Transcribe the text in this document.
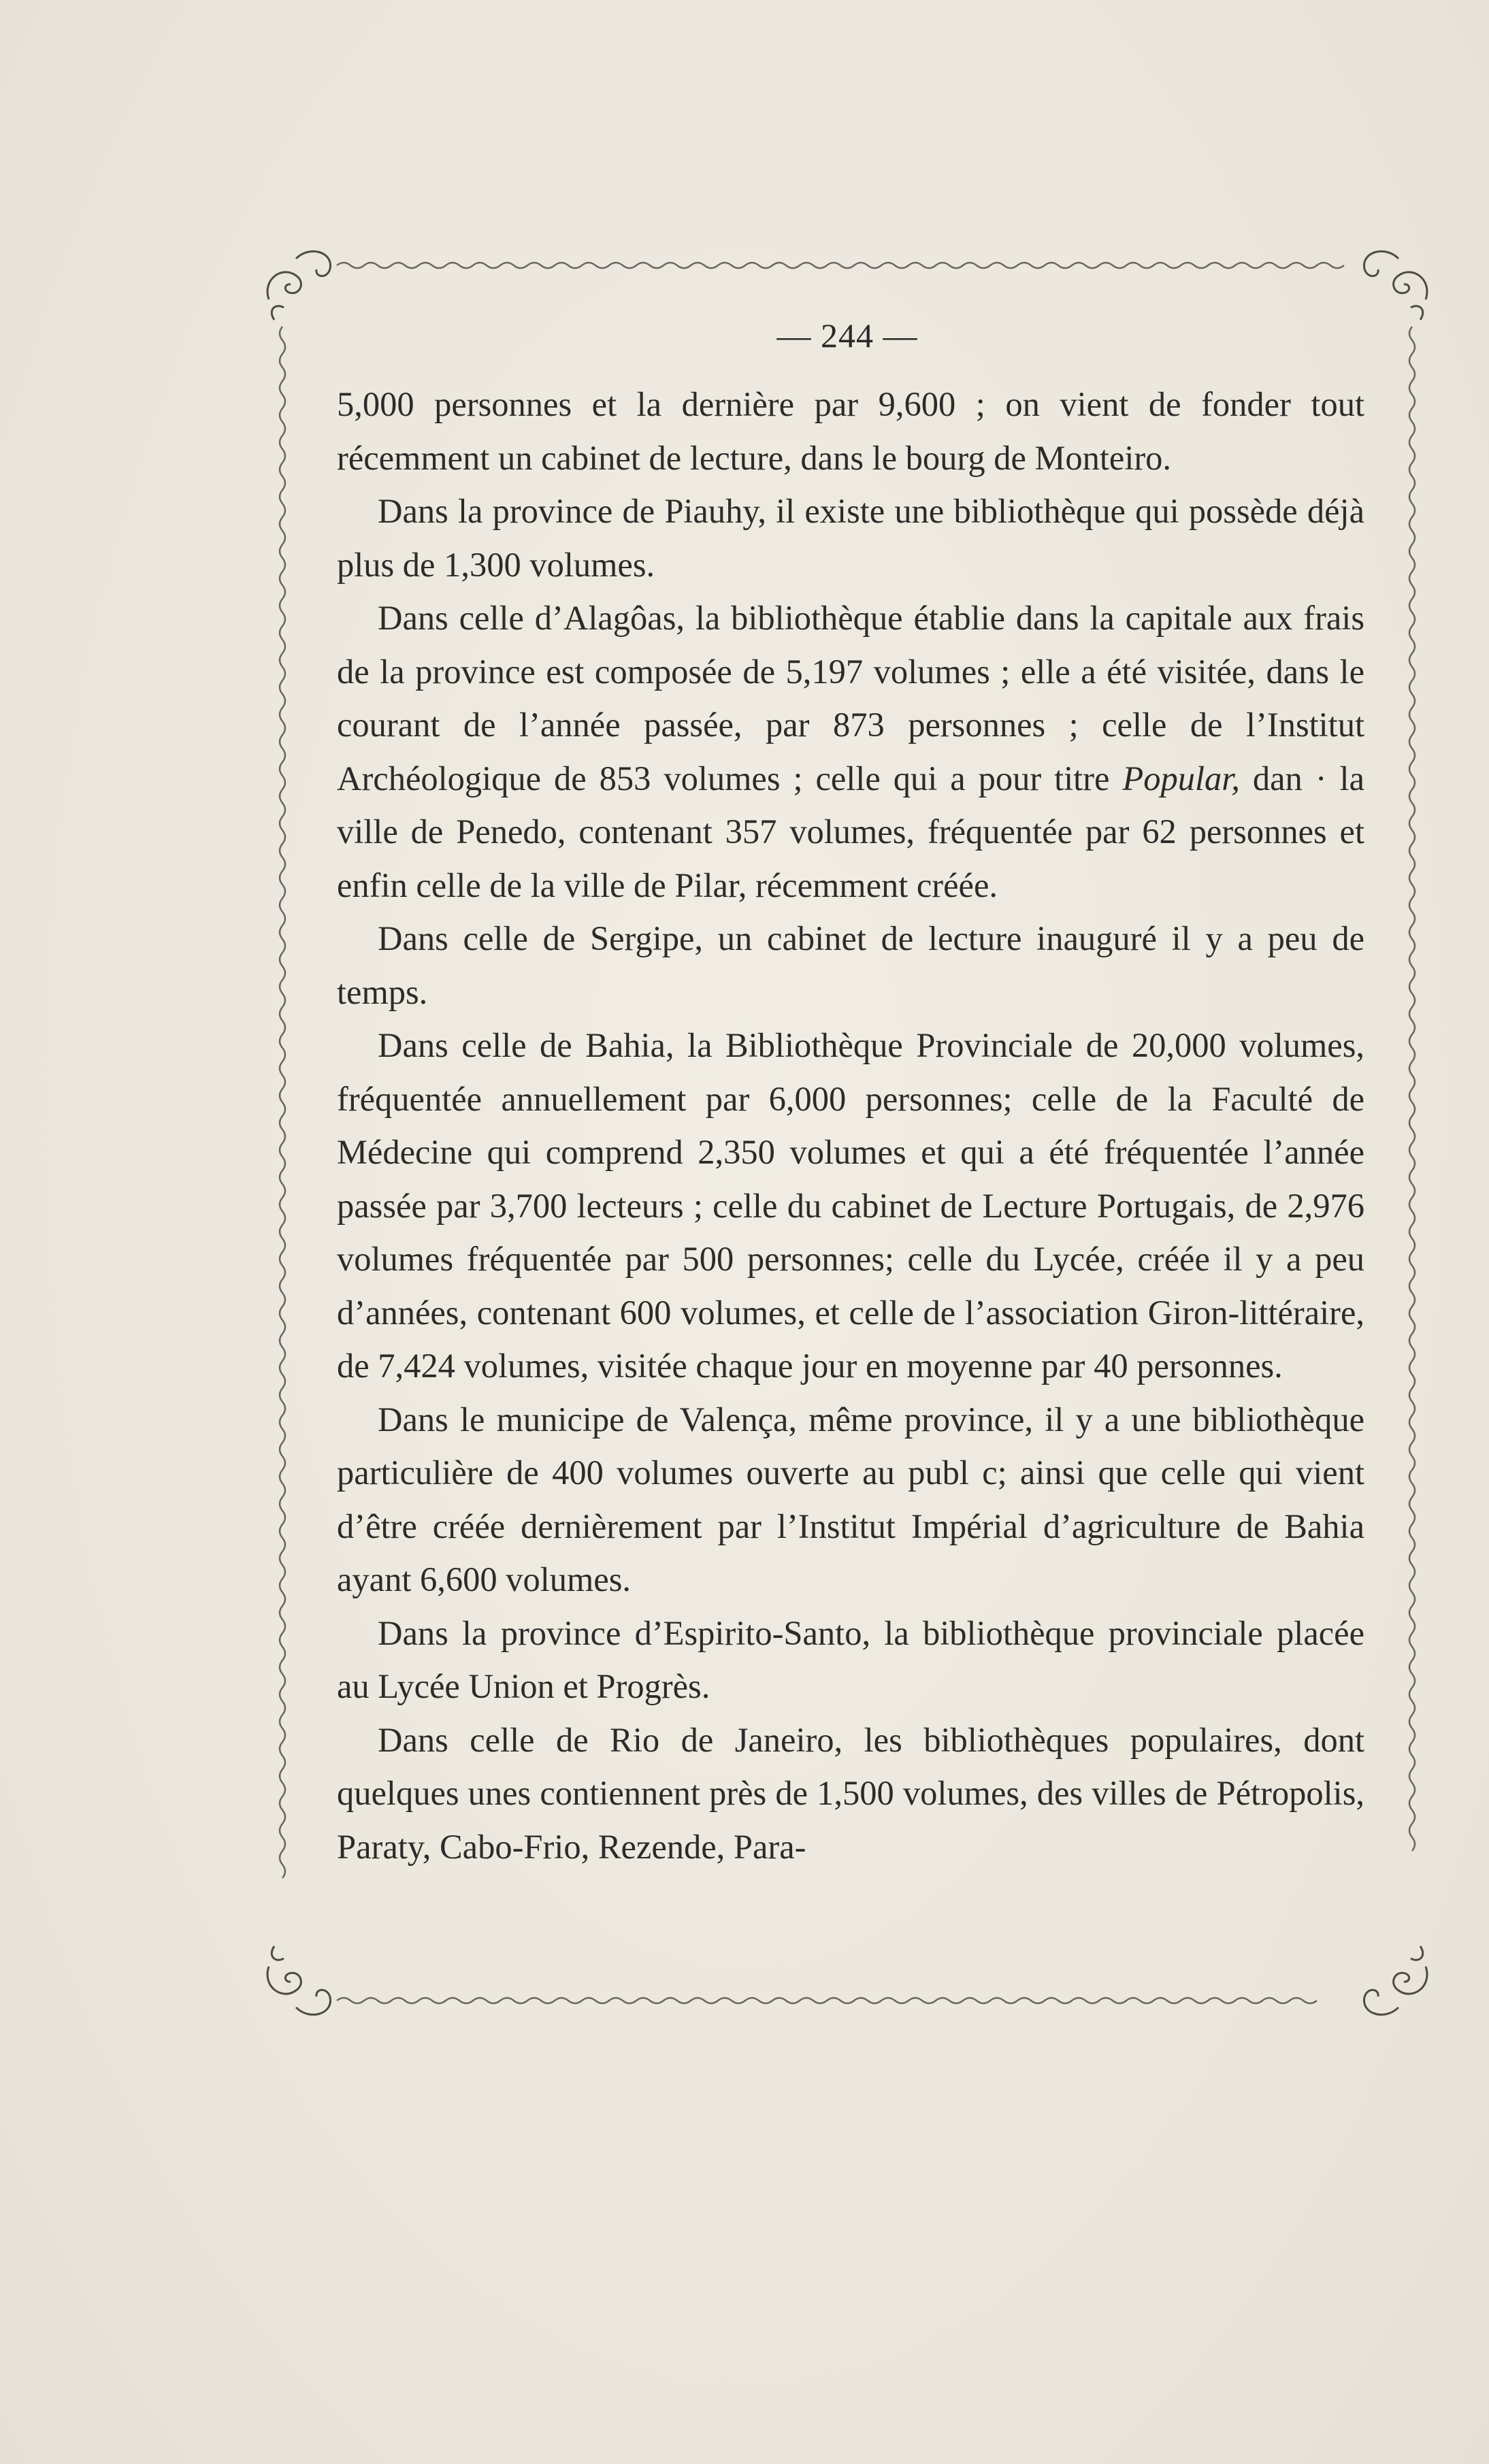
— 244 —

5,000 personnes et la dernière par 9,600 ; on vient de fonder tout récemment un cabinet de lecture, dans le bourg de Monteiro.

Dans la province de Piauhy, il existe une bibliothèque qui possède déjà plus de 1,300 volumes.

Dans celle d’Alagôas, la bibliothèque établie dans la capitale aux frais de la province est composée de 5,197 volumes ; elle a été visitée, dans le courant de l’année passée, par 873 personnes ; celle de l’Institut Archéologique de 853 volumes ; celle qui a pour titre Popular, dan · la ville de Penedo, contenant 357 volumes, fréquentée par 62 personnes et enfin celle de la ville de Pilar, récemment créée.

Dans celle de Sergipe, un cabinet de lecture inauguré il y a peu de temps.

Dans celle de Bahia, la Bibliothèque Provinciale de 20,000 volumes, fréquentée annuellement par 6,000 personnes; celle de la Faculté de Médecine qui comprend 2,350 volumes et qui a été fréquentée l’année passée par 3,700 lecteurs ; celle du cabinet de Lecture Portugais, de 2,976 volumes fréquentée par 500 personnes; celle du Lycée, créée il y a peu d’années, contenant 600 volumes, et celle de l’association Giron-littéraire, de 7,424 volumes, visitée chaque jour en moyenne par 40 personnes.

Dans le municipe de Valença, même province, il y a une bibliothèque particulière de 400 volumes ouverte au publ c; ainsi que celle qui vient d’être créée dernièrement par l’Institut Impérial d’agriculture de Bahia ayant 6,600 volumes.

Dans la province d’Espirito-Santo, la bibliothèque provinciale placée au Lycée Union et Progrès.

Dans celle de Rio de Janeiro, les bibliothèques populaires, dont quelques unes contiennent près de 1,500 volumes, des villes de Pétropolis, Paraty, Cabo-Frio, Rezende, Para-
